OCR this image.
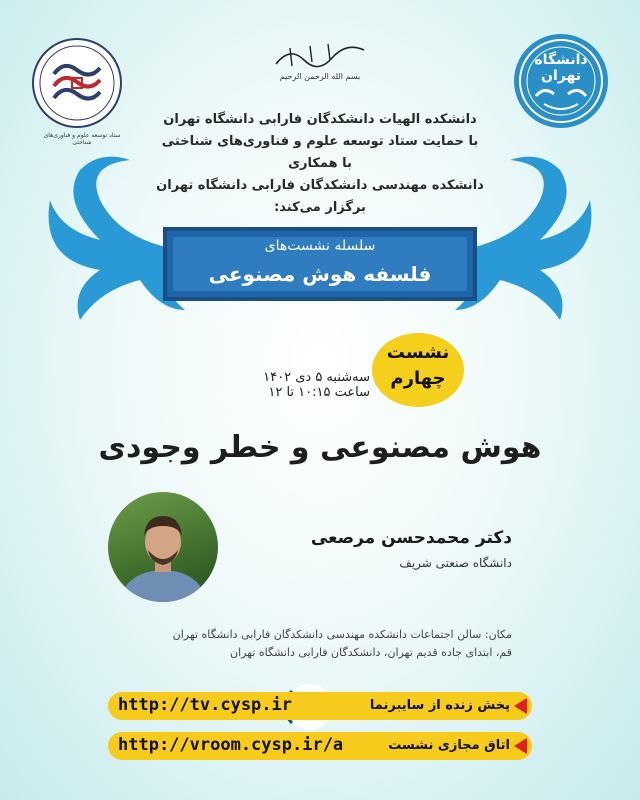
ستاد توسعه علوم و فناوری‌های شناختی
دانشگاه تهران
بسم الله الرحمن الرحیم
دانشکده الهیات دانشکدگان فارابی دانشگاه تهران
با حمایت ستاد توسعه علوم و فناوری‌های شناختی
با همکاری
دانشکده مهندسی دانشکدگان فارابی دانشگاه تهران
برگزار می‌کند:
سلسله نشست‌های
فلسفه هوش مصنوعی
نشست
چهارم
سه‌شنبه ۵ دی ۱۴۰۲
ساعت ۱۰:۱۵ تا ۱۲
هوش مصنوعی و خطر وجودی
دکتر محمدحسن مرصعی
دانشگاه صنعتی شریف
مکان: سالن اجتماعات دانشکده مهندسی دانشکدگان فارابی دانشگاه تهران
قم، ابتدای جاده قدیم تهران، دانشکدگان فارابی دانشگاه تهران
http://tv.cysp.ir	پخش زنده از سایبرنما
http://vroom.cysp.ir/a	اتاق مجازی نشست
